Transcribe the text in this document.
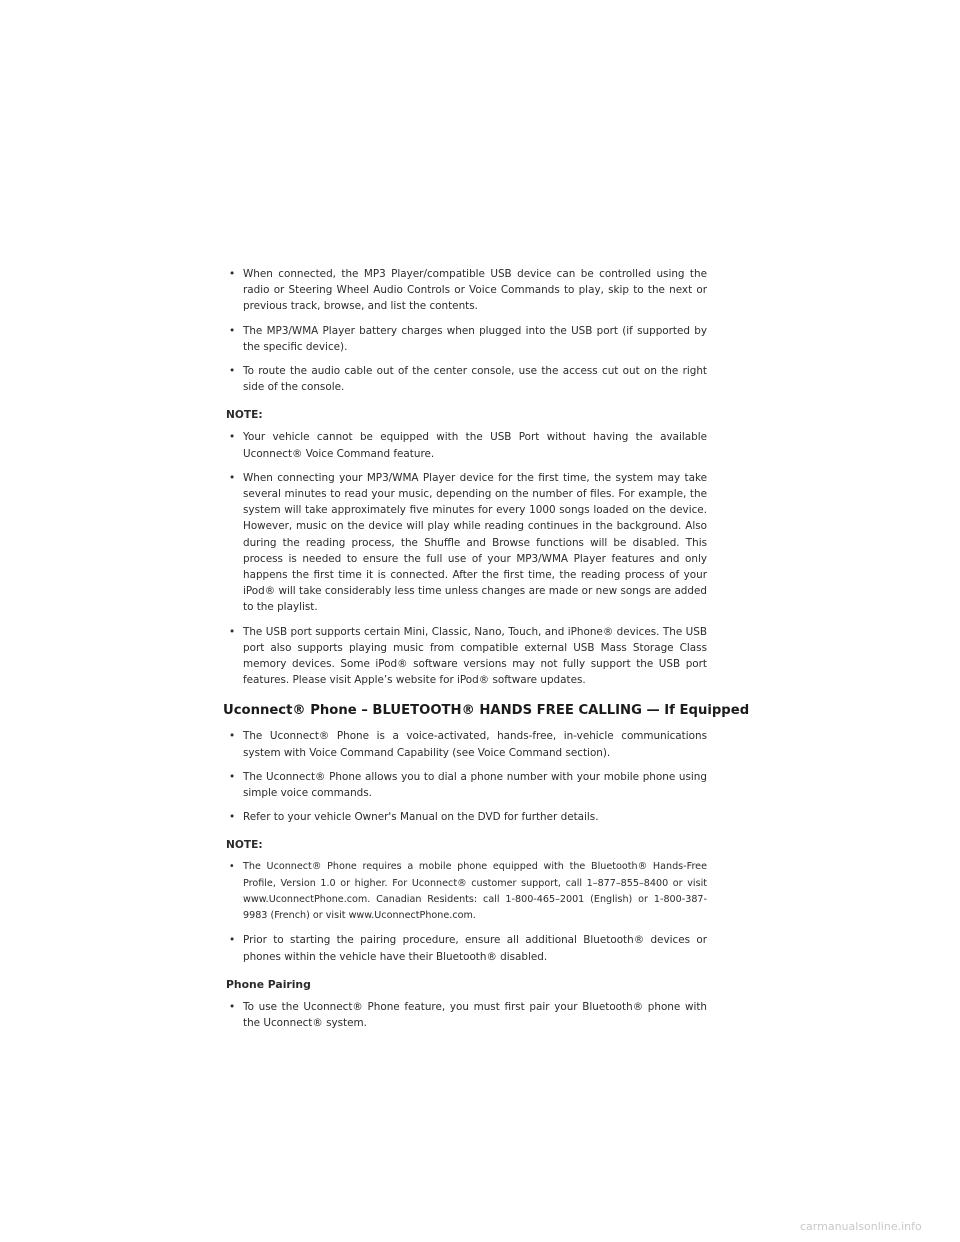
• When connected, the MP3 Player/compatible USB device can be controlled using the radio or Steering Wheel Audio Controls or Voice Commands to play, skip to the next or previous track, browse, and list the contents.

• The MP3/WMA Player battery charges when plugged into the USB port (if supported by the specific device).

• To route the audio cable out of the center console, use the access cut out on the right side of the console.

NOTE:

• Your vehicle cannot be equipped with the USB Port without having the available Uconnect® Voice Command feature.

• When connecting your MP3/WMA Player device for the first time, the system may take several minutes to read your music, depending on the number of files. For example, the system will take approximately five minutes for every 1000 songs loaded on the device. However, music on the device will play while reading continues in the background. Also during the reading process, the Shuffle and Browse functions will be disabled. This process is needed to ensure the full use of your MP3/WMA Player features and only happens the first time it is connected. After the first time, the reading process of your iPod® will take considerably less time unless changes are made or new songs are added to the playlist.

• The USB port supports certain Mini, Classic, Nano, Touch, and iPhone® devices. The USB port also supports playing music from compatible external USB Mass Storage Class memory devices. Some iPod® software versions may not fully support the USB port features. Please visit Apple’s website for iPod® software updates.

Uconnect® Phone – BLUETOOTH® HANDS FREE CALLING — If Equipped

• The Uconnect® Phone is a voice-activated, hands-free, in-vehicle communications system with Voice Command Capability (see Voice Command section).

• The Uconnect® Phone allows you to dial a phone number with your mobile phone using simple voice commands.

• Refer to your vehicle Owner's Manual on the DVD for further details.

NOTE:

• The Uconnect® Phone requires a mobile phone equipped with the Bluetooth® Hands-Free Profile, Version 1.0 or higher. For Uconnect® customer support, call 1–877–855–8400 or visit www.UconnectPhone.com. Canadian Residents: call 1-800-465–2001 (English) or 1-800-387-9983 (French) or visit www.UconnectPhone.com.

• Prior to starting the pairing procedure, ensure all additional Bluetooth® devices or phones within the vehicle have their Bluetooth® disabled.

Phone Pairing

• To use the Uconnect® Phone feature, you must first pair your Bluetooth® phone with the Uconnect® system.

carmanualsonline.info
